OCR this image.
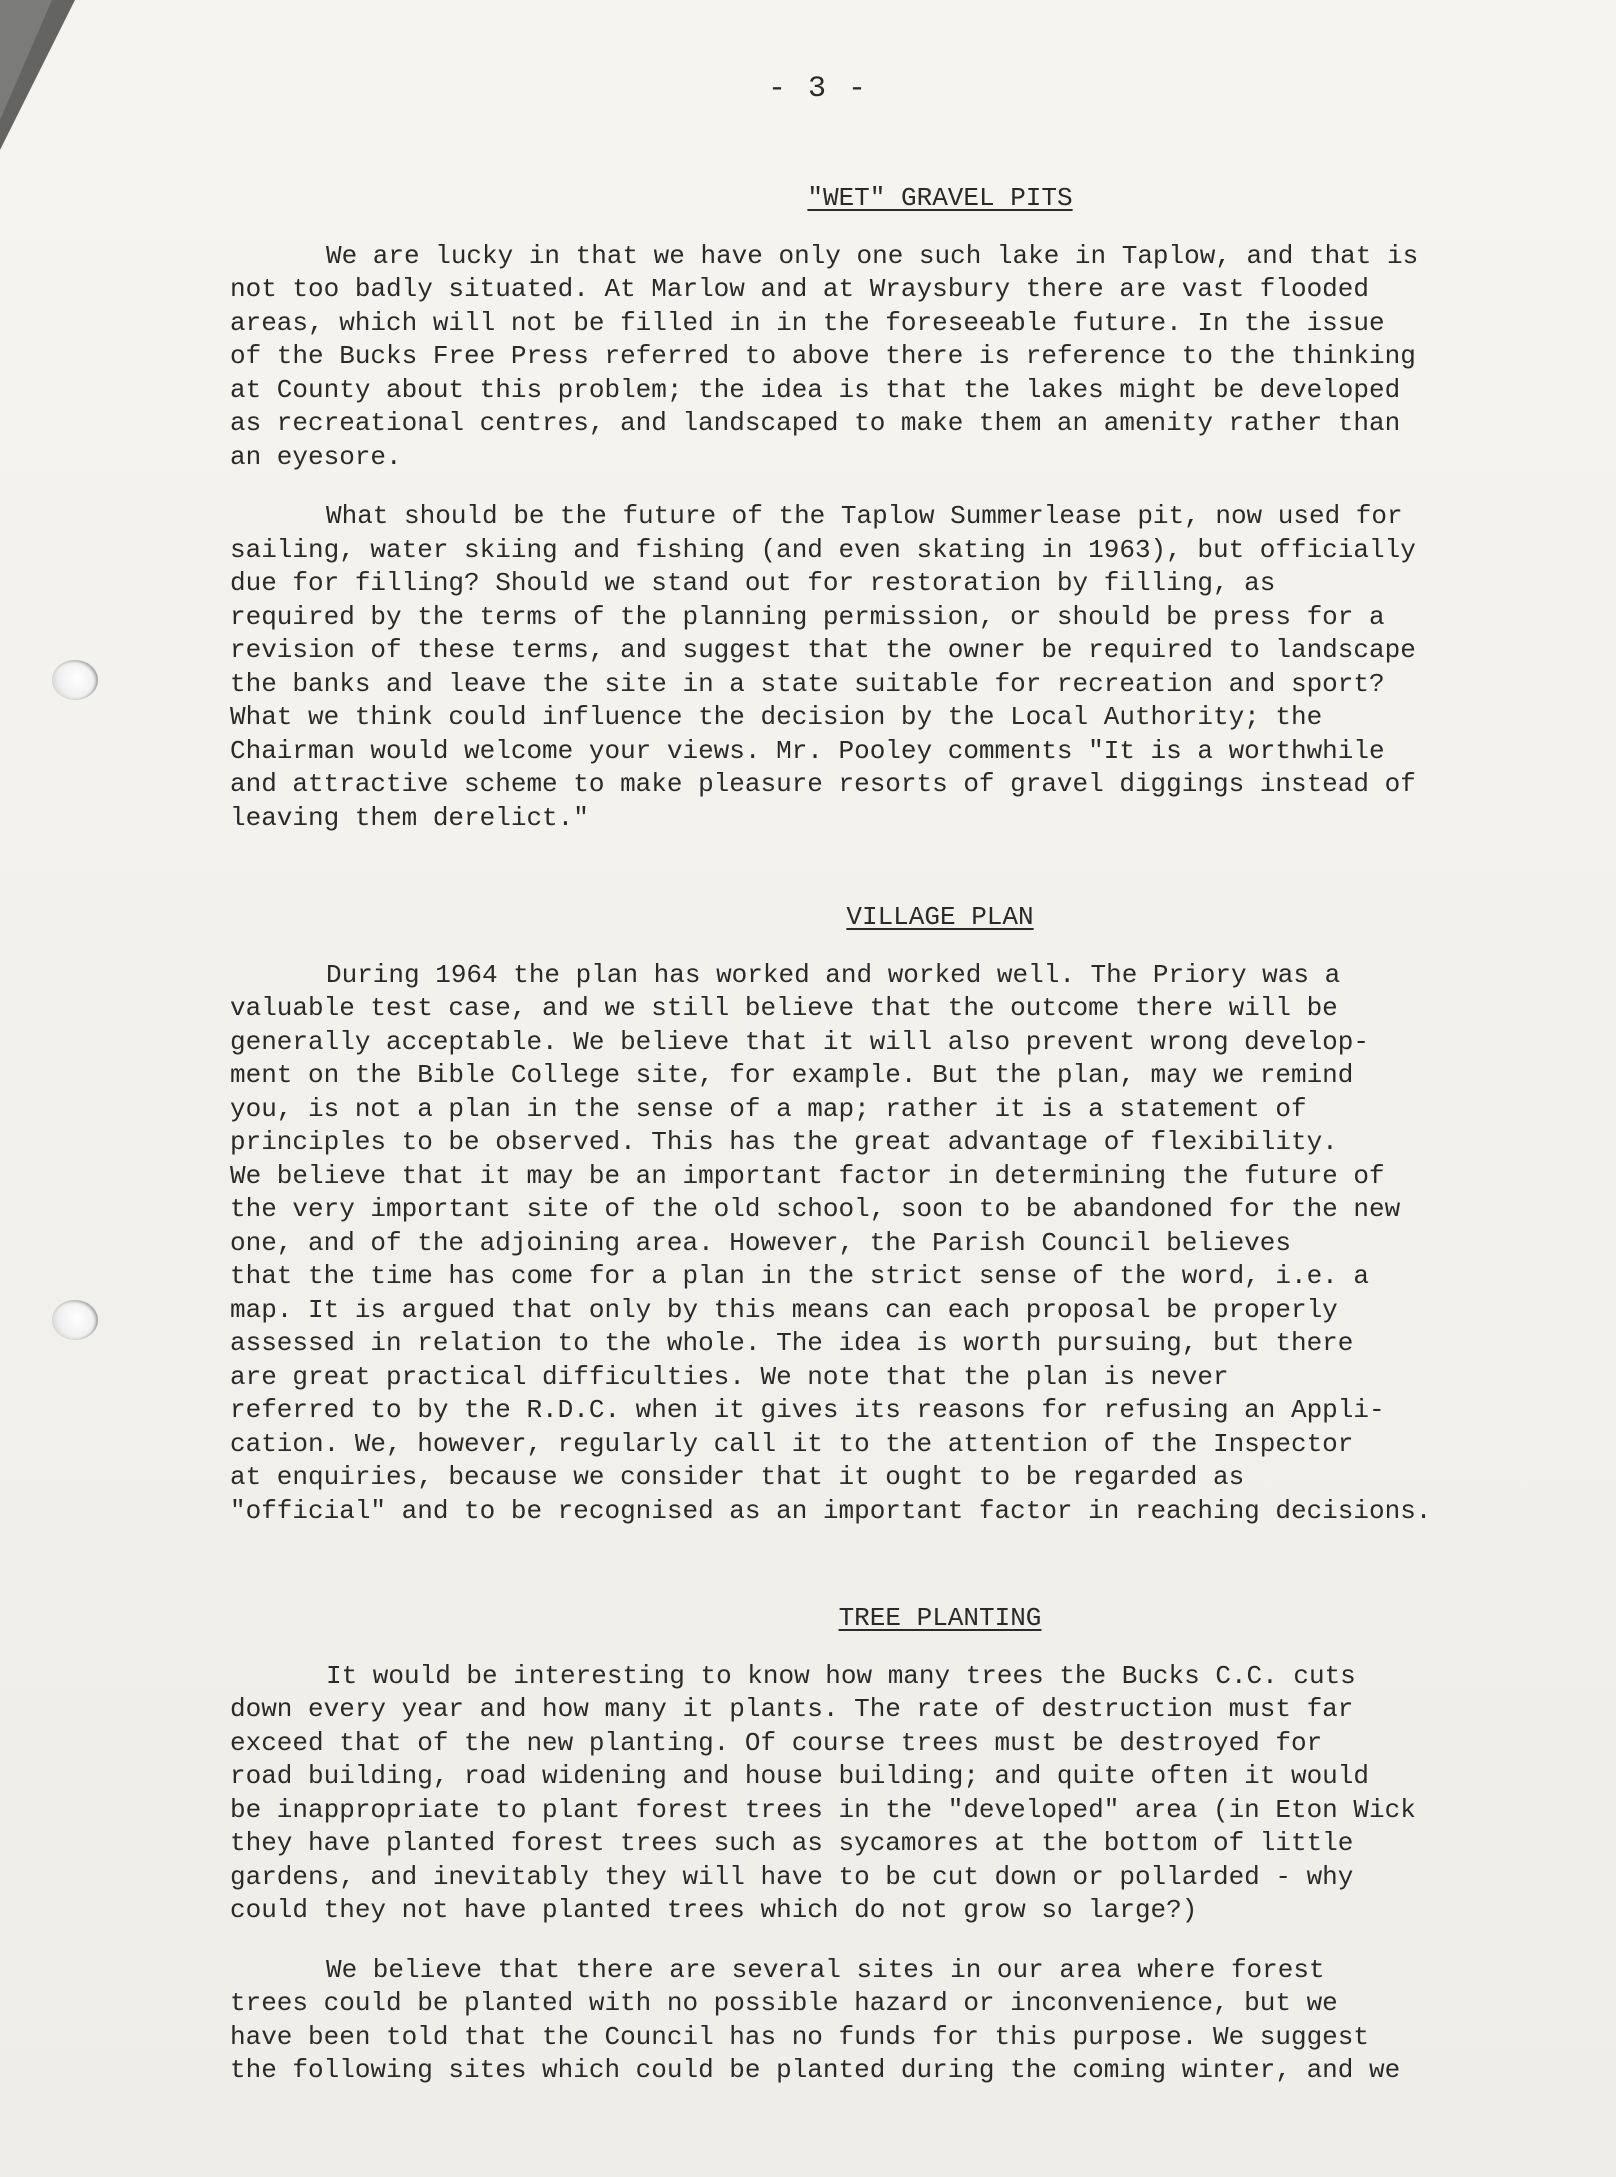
- 3 -
"WET" GRAVEL PITS

We are lucky in that we have only one such lake in Taplow, and that is
not too badly situated. At Marlow and at Wraysbury there are vast flooded
areas, which will not be filled in in the foreseeable future. In the issue
of the Bucks Free Press referred to above there is reference to the thinking
at County about this problem; the idea is that the lakes might be developed
as recreational centres, and landscaped to make them an amenity rather than
an eyesore.

What should be the future of the Taplow Summerlease pit, now used for
sailing, water skiing and fishing (and even skating in 1963), but officially
due for filling? Should we stand out for restoration by filling, as
required by the terms of the planning permission, or should be press for a
revision of these terms, and suggest that the owner be required to landscape
the banks and leave the site in a state suitable for recreation and sport?
What we think could influence the decision by the Local Authority; the
Chairman would welcome your views. Mr. Pooley comments "It is a worthwhile
and attractive scheme to make pleasure resorts of gravel diggings instead of
leaving them derelict."

VILLAGE PLAN

During 1964 the plan has worked and worked well. The Priory was a
valuable test case, and we still believe that the outcome there will be
generally acceptable. We believe that it will also prevent wrong develop-
ment on the Bible College site, for example. But the plan, may we remind
you, is not a plan in the sense of a map; rather it is a statement of
principles to be observed. This has the great advantage of flexibility.
We believe that it may be an important factor in determining the future of
the very important site of the old school, soon to be abandoned for the new
one, and of the adjoining area. However, the Parish Council believes
that the time has come for a plan in the strict sense of the word, i.e. a
map. It is argued that only by this means can each proposal be properly
assessed in relation to the whole. The idea is worth pursuing, but there
are great practical difficulties. We note that the plan is never
referred to by the R.D.C. when it gives its reasons for refusing an Appli-
cation. We, however, regularly call it to the attention of the Inspector
at enquiries, because we consider that it ought to be regarded as
"official" and to be recognised as an important factor in reaching decisions.

TREE PLANTING

It would be interesting to know how many trees the Bucks C.C. cuts
down every year and how many it plants. The rate of destruction must far
exceed that of the new planting. Of course trees must be destroyed for
road building, road widening and house building; and quite often it would
be inappropriate to plant forest trees in the "developed" area (in Eton Wick
they have planted forest trees such as sycamores at the bottom of little
gardens, and inevitably they will have to be cut down or pollarded - why
could they not have planted trees which do not grow so large?)

We believe that there are several sites in our area where forest
trees could be planted with no possible hazard or inconvenience, but we
have been told that the Council has no funds for this purpose. We suggest
the following sites which could be planted during the coming winter, and we
